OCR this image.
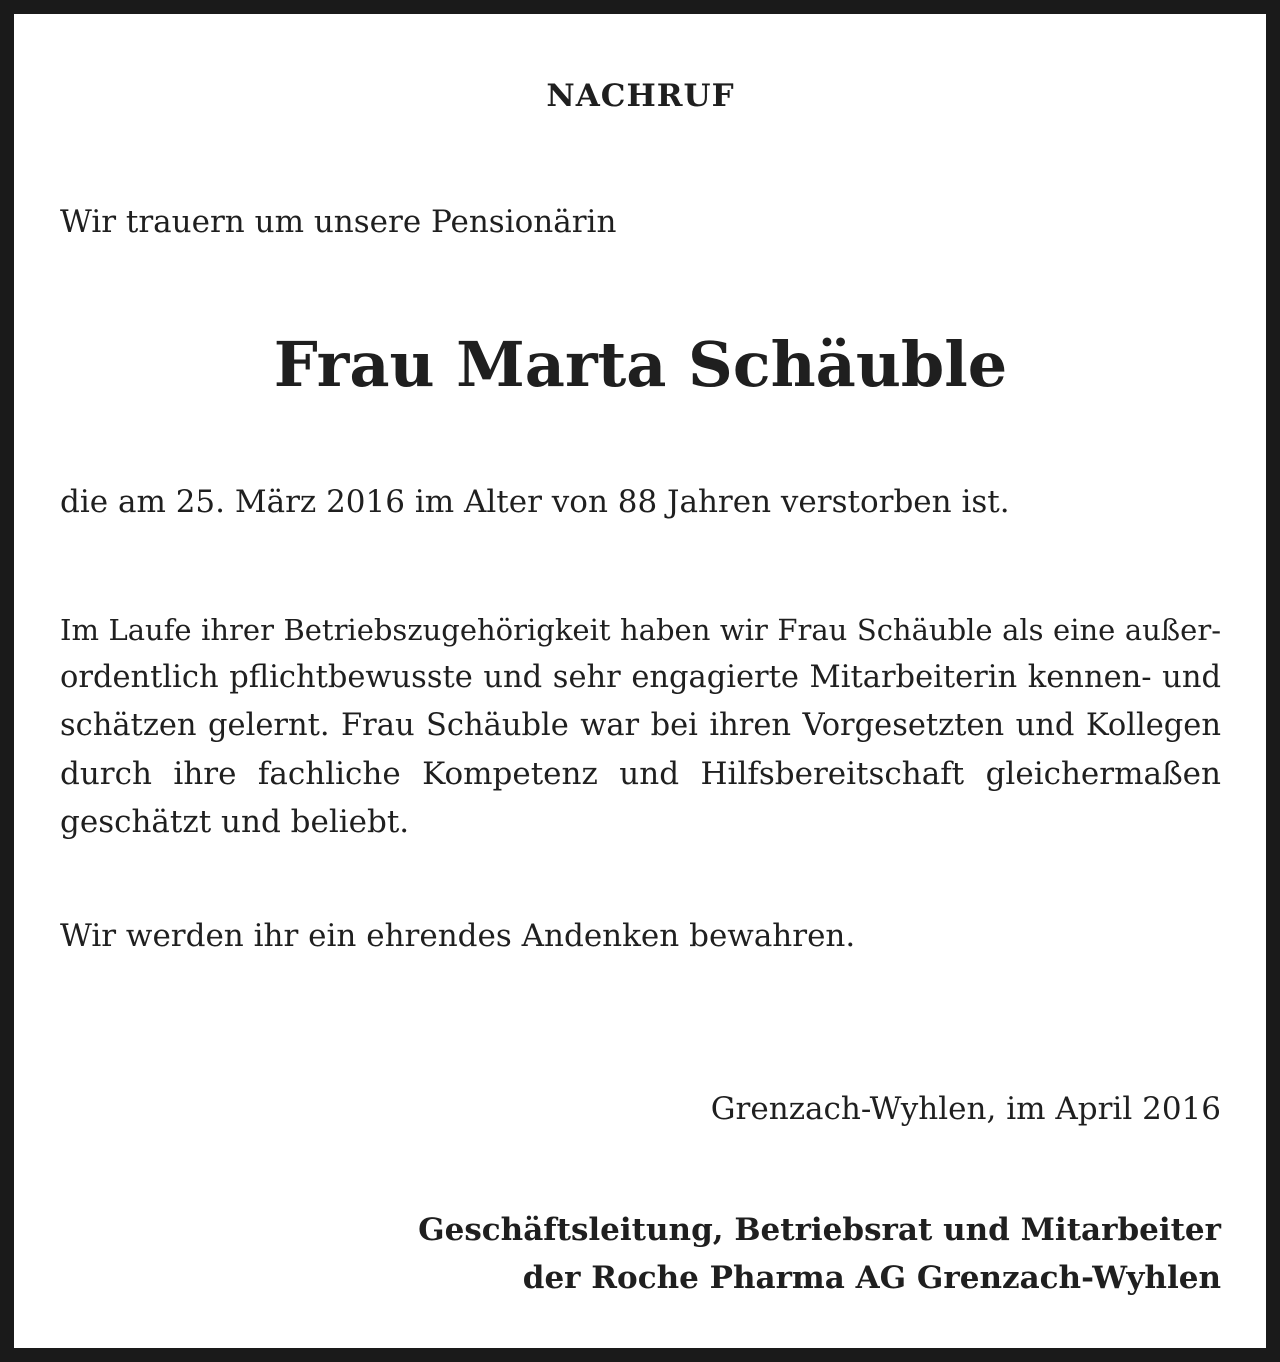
NACHRUF
Wir trauern um unsere Pensionärin
Frau Marta Schäuble
die am 25. März 2016 im Alter von 88 Jahren verstorben ist.
Im Laufe ihrer Betriebszugehörigkeit haben wir Frau Schäuble als eine außer-
ordentlich pflichtbewusste und sehr engagierte Mitarbeiterin kennen- und
schätzen gelernt. Frau Schäuble war bei ihren Vorgesetzten und Kollegen
durch ihre fachliche Kompetenz und Hilfsbereitschaft gleichermaßen
geschätzt und beliebt.
Wir werden ihr ein ehrendes Andenken bewahren.
Grenzach-Wyhlen, im April 2016
Geschäftsleitung, Betriebsrat und Mitarbeiter
der Roche Pharma AG Grenzach-Wyhlen
